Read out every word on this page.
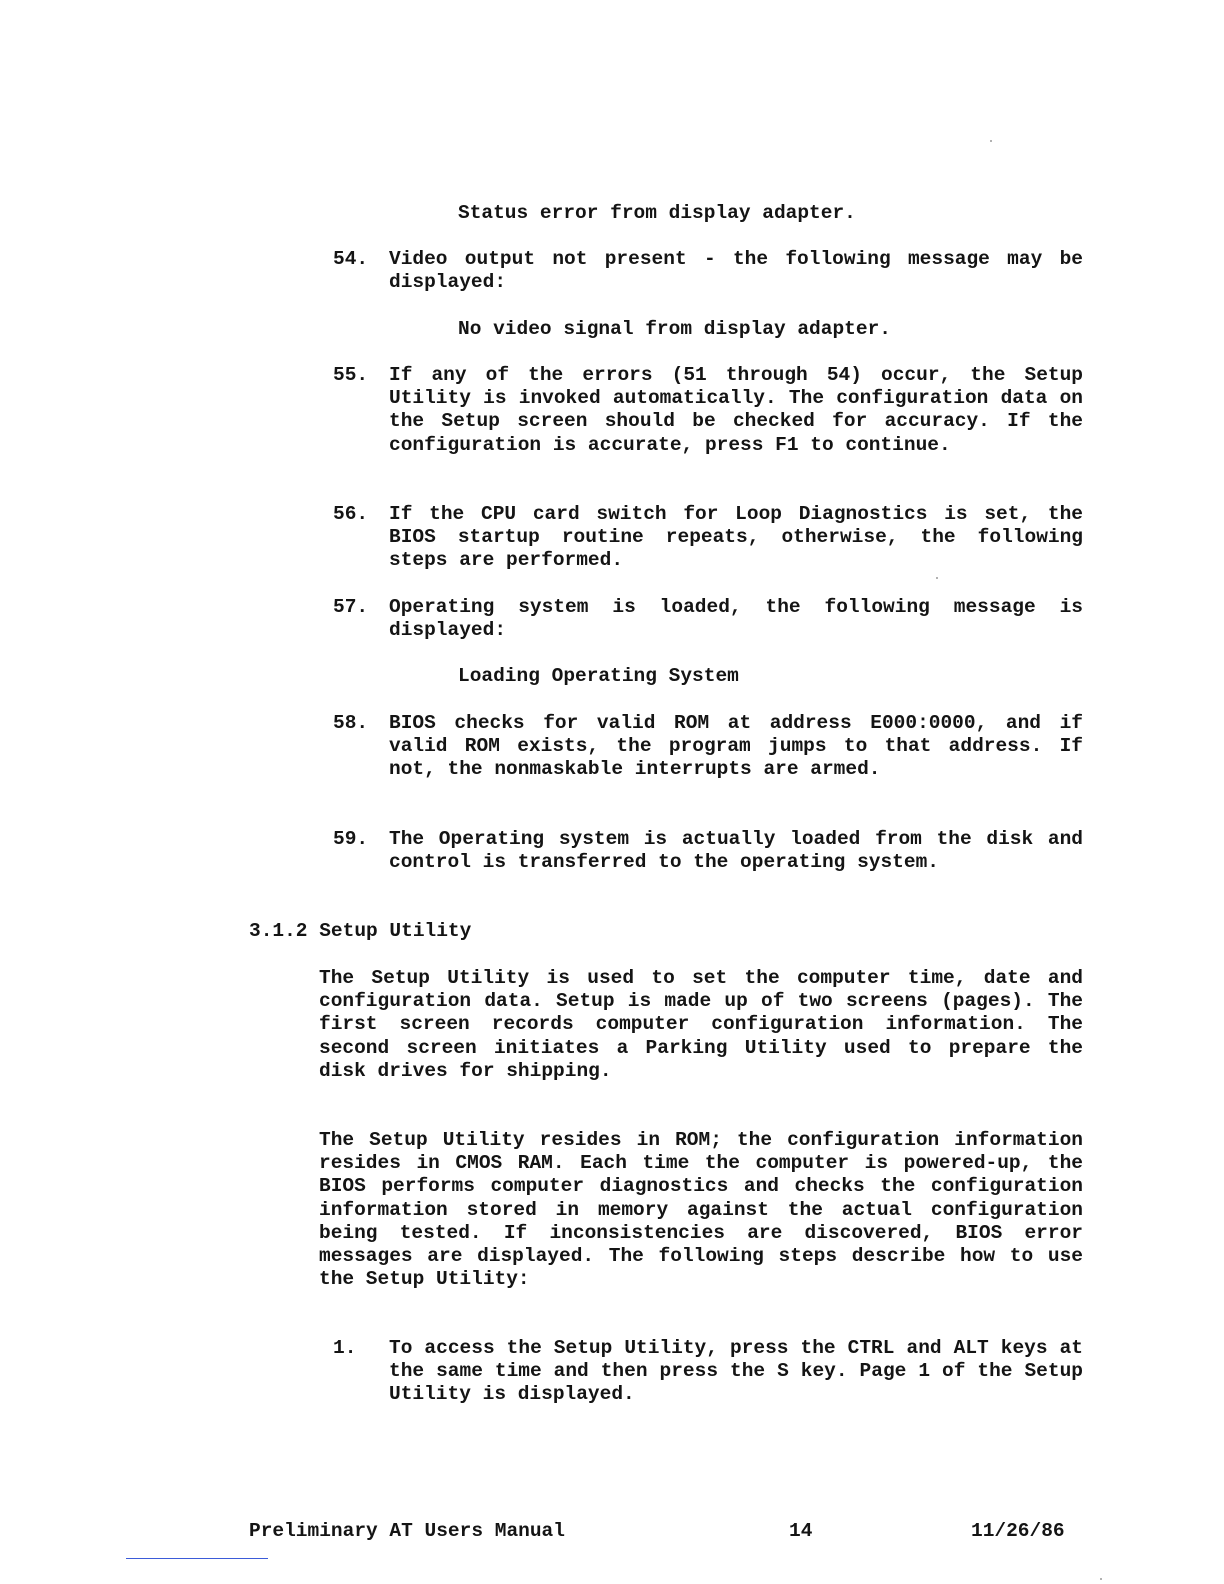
Status error from display adapter.
54. Video output not present - the following message may be displayed:
No video signal from display adapter.
55. If any of the errors (51 through 54) occur, the Setup Utility is invoked automatically. The configuration data on the Setup screen should be checked for accuracy. If the configuration is accurate, press F1 to continue.
56. If the CPU card switch for Loop Diagnostics is set, the BIOS startup routine repeats, otherwise, the following steps are performed.
57. Operating system is loaded, the following message is displayed:
Loading Operating System
58. BIOS checks for valid ROM at address E000:0000, and if valid ROM exists, the program jumps to that address. If not, the nonmaskable interrupts are armed.
59. The Operating system is actually loaded from the disk and control is transferred to the operating system.
3.1.2 Setup Utility
The Setup Utility is used to set the computer time, date and configuration data. Setup is made up of two screens (pages). The first screen records computer configuration information. The second screen initiates a Parking Utility used to prepare the disk drives for shipping.
The Setup Utility resides in ROM; the configuration information resides in CMOS RAM. Each time the computer is powered-up, the BIOS performs computer diagnostics and checks the configuration information stored in memory against the actual configuration being tested. If inconsistencies are discovered, BIOS error messages are displayed. The following steps describe how to use the Setup Utility:
1. To access the Setup Utility, press the CTRL and ALT keys at the same time and then press the S key. Page 1 of the Setup Utility is displayed.
Preliminary AT Users Manual	14	11/26/86
